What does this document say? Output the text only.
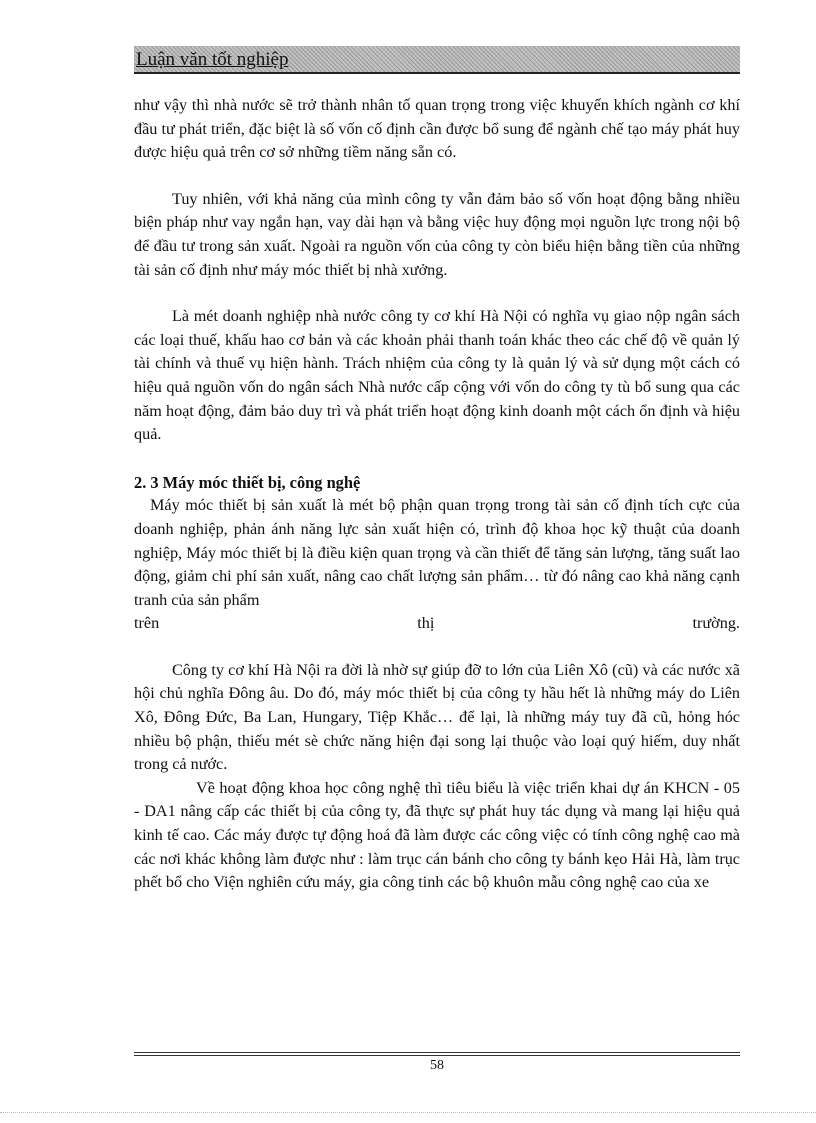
Luận văn tốt nghiệp

như vậy thì nhà nước sẽ trở thành nhân tố quan trọng trong việc khuyến khích ngành cơ khí đầu tư phát triển, đặc biệt là số vốn cố định cần được bổ sung để ngành chế tạo máy phát huy được hiệu quả trên cơ sở những tiềm năng sẵn có.

Tuy nhiên, với khả năng của mình công ty vẫn đảm bảo số vốn hoạt động bằng nhiều biện pháp như vay ngắn hạn, vay dài hạn và bằng việc huy động mọi nguồn lực trong nội bộ để đầu tư trong sản xuất. Ngoài ra nguồn vốn của công ty còn biểu hiện bằng tiền của những tài sản cố định như máy móc thiết bị nhà xưởng.

Là mét doanh nghiệp nhà nước công ty cơ khí Hà Nội có nghĩa vụ giao nộp ngân sách các loại thuế, khấu hao cơ bản và các khoản phải thanh toán khác theo các chế độ về quản lý tài chính và thuế vụ hiện hành. Trách nhiệm của công ty là quản lý và sử dụng một cách có hiệu quả nguồn vốn do ngân sách Nhà nước cấp cộng với vốn do công ty tù bổ sung qua các năm hoạt động, đảm bảo duy trì và phát triển hoạt động kinh doanh một cách ổn định và hiệu quả.

2. 3 Máy móc thiết bị, công nghệ

Máy móc thiết bị sản xuất là mét bộ phận quan trọng trong tài sản cố định tích cực của doanh nghiệp, phản ánh năng lực sản xuất hiện có, trình độ khoa học kỹ thuật của doanh nghiệp, Máy móc thiết bị là điều kiện quan trọng và cần thiết để tăng sản lượng, tăng suất lao động, giảm chi phí sản xuất, nâng cao chất lượng sản phẩm… từ đó nâng cao khả năng cạnh tranh của sản phẩm

trên	thị	trường.

Công ty cơ khí Hà Nội ra đời là nhờ sự giúp đỡ to lớn của Liên Xô (cũ) và các nước xã hội chủ nghĩa Đông âu. Do đó, máy móc thiết bị của công ty hầu hết là những máy do Liên Xô, Đông Đức, Ba Lan, Hungary, Tiệp Khắc… để lại, là những máy tuy đã cũ, hỏng hóc nhiều bộ phận, thiếu mét sè chức năng hiện đại song lại thuộc vào loại quý hiếm, duy nhất trong cả nước.

Về hoạt động khoa học công nghệ thì tiêu biểu là việc triển khai dự án KHCN - 05 - DA1 nâng cấp các thiết bị của công ty, đã thực sự phát huy tác dụng và mang lại hiệu quả kinh tế cao. Các máy được tự động hoá đã làm được các công việc có tính công nghệ cao mà các nơi khác không làm được như : làm trục cán bánh cho công ty bánh kẹo Hải Hà, làm trục phết bổ cho Viện nghiên cứu máy, gia công tinh các bộ khuôn mẫu công nghệ cao của xe

58
